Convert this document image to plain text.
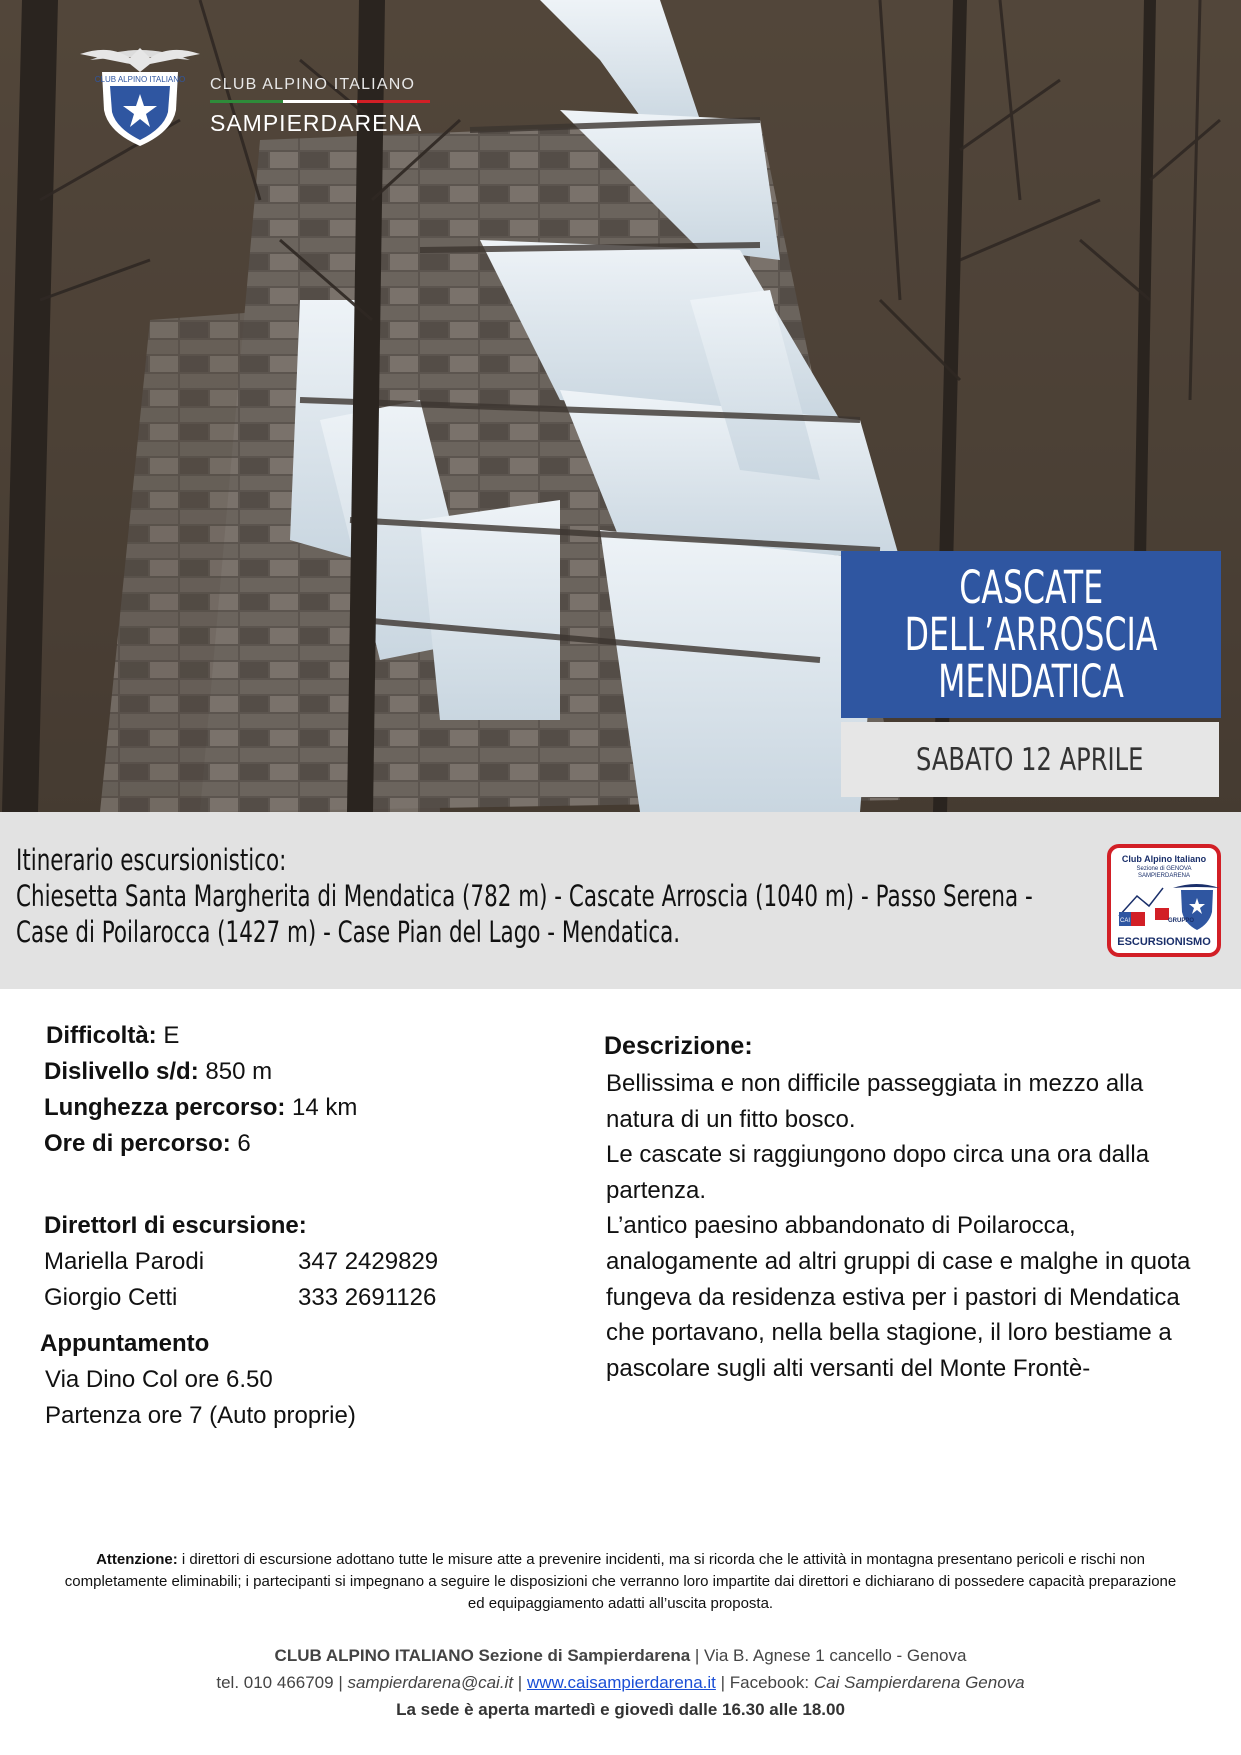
CLUB ALPINO ITALIANO CLUB ALPINO ITALIANO
SAMPIERDARENA
CASCATE
DELL’ARROSCIA
MENDATICA
SABATO 12 APRILE
Itinerario escursionistico:
Chiesetta Santa Margherita di Mendatica (782 m) - Cascate Arroscia (1040 m) - Passo Serena -
Case di Poilarocca (1427 m) - Case Pian del Lago - Mendatica.
Club Alpino Italiano
Sezione di GENOVA
SAMPIERDARENA
CAI	GRUPPO
ESCURSIONISMO
Difficoltà: E
Dislivello s/d: 850 m
Lunghezza percorso: 14 km
Ore di percorso: 6
DirettorI di escursione:
Mariella Parodi	347 2429829
Giorgio Cetti	333 2691126
Appuntamento
Via Dino Col ore 6.50
Partenza ore 7 (Auto proprie)
Descrizione:

Bellissima e non difficile passeggiata in mezzo alla natura di un fitto bosco.

Le cascate si raggiungono dopo circa una ora dalla partenza.

L’antico paesino abbandonato di Poilarocca, analogamente ad altri gruppi di case e malghe in quota fungeva da residenza estiva per i pastori di Mendatica che portavano, nella bella stagione, il loro bestiame a pascolare sugli alti versanti del Monte Frontè-

Attenzione: i direttori di escursione adottano tutte le misure atte a prevenire incidenti, ma si ricorda che le attività in montagna presentano pericoli e rischi non completamente eliminabili; i partecipanti si impegnano a seguire le disposizioni che verranno loro impartite dai direttori e dichiarano di possedere capacità preparazione ed equipaggiamento adatti all’uscita proposta.
CLUB ALPINO ITALIANO Sezione di Sampierdarena | Via B. Agnese 1 cancello - Genova
tel. 010 466709 | sampierdarena@cai.it | www.caisampierdarena.it | Facebook: Cai Sampierdarena Genova
La sede è aperta martedì e giovedì dalle 16.30 alle 18.00
